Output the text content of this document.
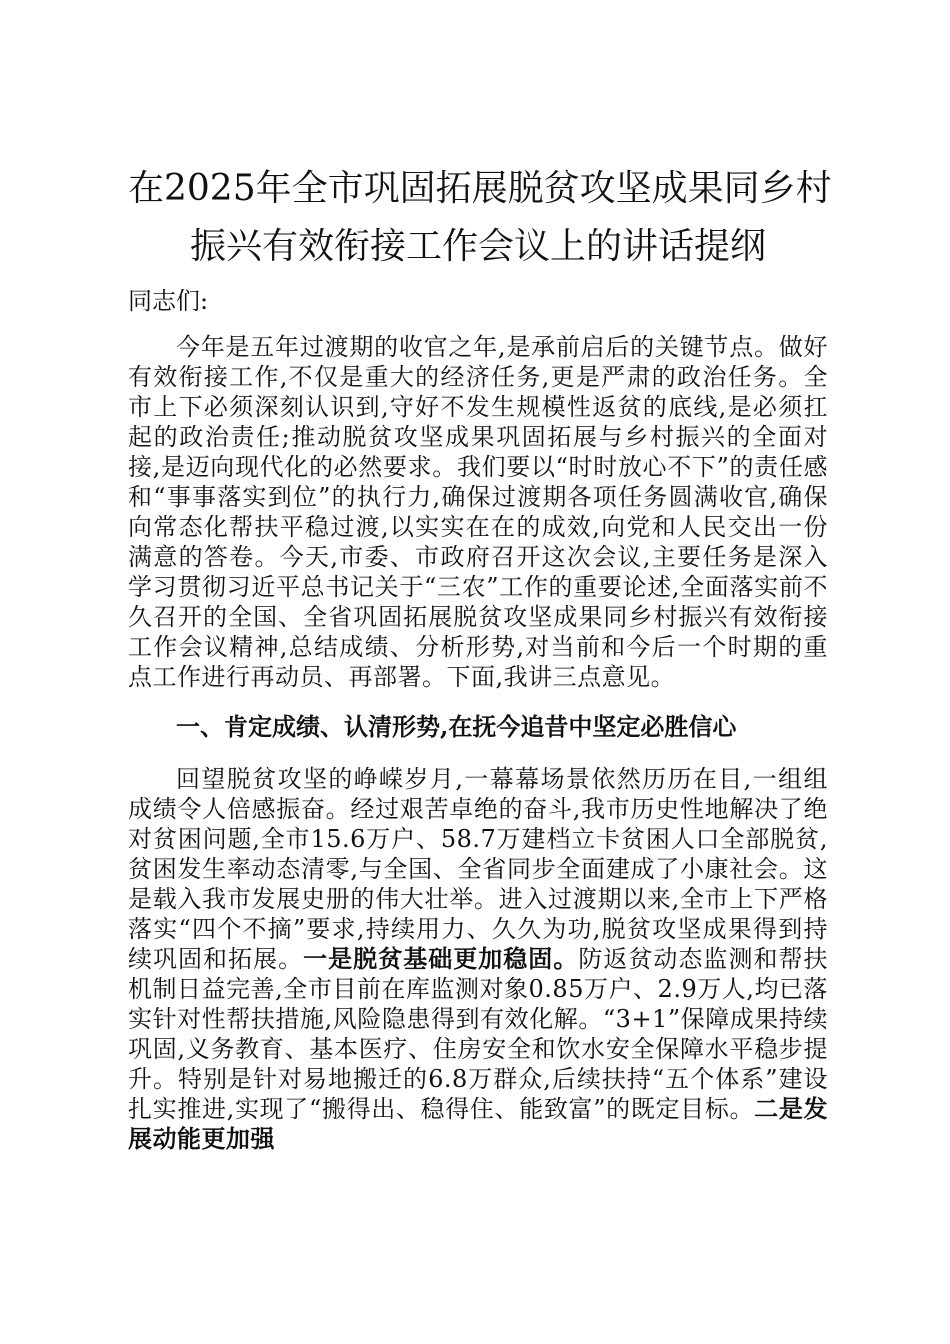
在2025年全市巩固拓展脱贫攻坚成果同乡村
振兴有效衔接工作会议上的讲话提纲

同志们:

今年是五年过渡期的收官之年,是承前启后的关键节点。做好有效衔接工作,不仅是重大的经济任务,更是严肃的政治任务。全市上下必须深刻认识到,守好不发生规模性返贫的底线,是必须扛起的政治责任;推动脱贫攻坚成果巩固拓展与乡村振兴的全面对接,是迈向现代化的必然要求。我们要以“时时放心不下”的责任感和“事事落实到位”的执行力,确保过渡期各项任务圆满收官,确保向常态化帮扶平稳过渡,以实实在在的成效,向党和人民交出一份满意的答卷。今天,市委、市政府召开这次会议,主要任务是深入学习贯彻习近平总书记关于“三农”工作的重要论述,全面落实前不久召开的全国、全省巩固拓展脱贫攻坚成果同乡村振兴有效衔接工作会议精神,总结成绩、分析形势,对当前和今后一个时期的重点工作进行再动员、再部署。下面,我讲三点意见。

一、肯定成绩、认清形势,在抚今追昔中坚定必胜信心

回望脱贫攻坚的峥嵘岁月,一幕幕场景依然历历在目,一组组成绩令人倍感振奋。经过艰苦卓绝的奋斗,我市历史性地解决了绝对贫困问题,全市15.6万户、58.7万建档立卡贫困人口全部脱贫,贫困发生率动态清零,与全国、全省同步全面建成了小康社会。这是载入我市发展史册的伟大壮举。进入过渡期以来,全市上下严格落实“四个不摘”要求,持续用力、久久为功,脱贫攻坚成果得到持续巩固和拓展。一是脱贫基础更加稳固。防返贫动态监测和帮扶机制日益完善,全市目前在库监测对象0.85万户、2.9万人,均已落实针对性帮扶措施,风险隐患得到有效化解。“3+1”保障成果持续巩固,义务教育、基本医疗、住房安全和饮水安全保障水平稳步提升。特别是针对易地搬迁的6.8万群众,后续扶持“五个体系”建设扎实推进,实现了“搬得出、稳得住、能致富”的既定目标。二是发展动能更加强
